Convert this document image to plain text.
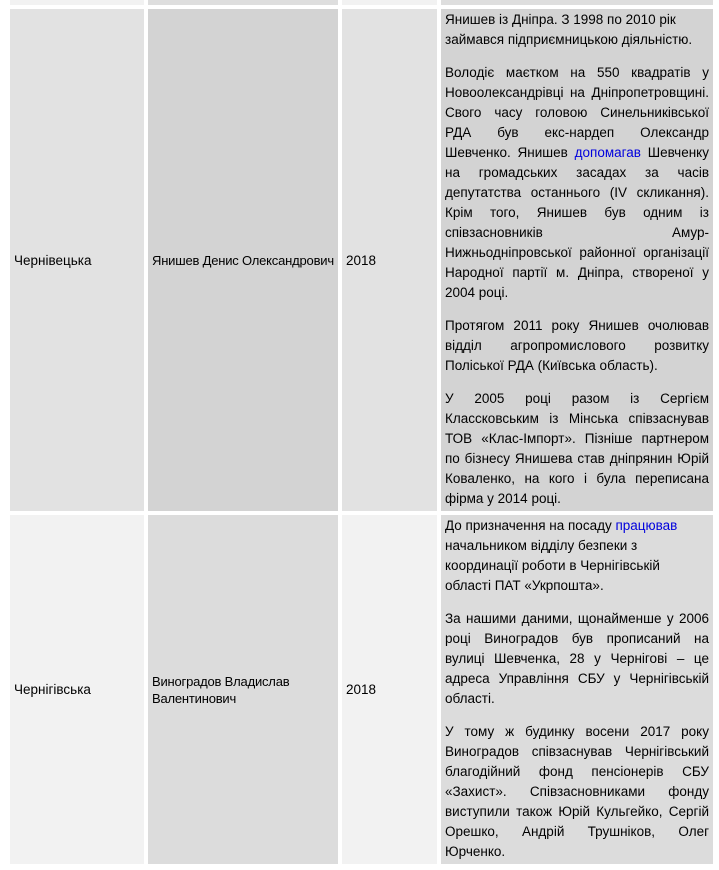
Чернівецька	Янишев Денис Олександрович 2018

Янишев із Дніпра. З 1998 по 2010 рік займався підприємницькою діяльністю.

Володіє маєтком на 550 квадратів у Новоолександрівці на Дніпропетровщині. Свого часу головою Синельниківської РДА був екс-нардеп Олександр Шевченко. Янишев допомагав Шевченку на громадських засадах за часів депутатства останнього (IV скликання). Крім того, Янишев був одним із співзасновників Амур-Нижньодніпровської районної організації Народної партії м. Дніпра, створеної у 2004 році.

Протягом 2011 року Янишев очолював відділ агропромислового розвитку Поліської РДА (Київська область).

У 2005 році разом із Сергієм Классковським із Мінська співзаснував ТОВ «Клас-Імпорт». Пізніше партнером по бізнесу Янишева став дніпрянин Юрій Коваленко, на кого і була переписана фірма у 2014 році.

Чернігівська
Виноградов Владислав
Валентинович
2018

До призначення на посаду працював начальником відділу безпеки з координації роботи в Чернігівській області ПАТ «Укрпошта».

За нашими даними, щонайменше у 2006 році Виноградов був прописаний на вулиці Шевченка, 28 у Чернігові – це адреса Управління СБУ у Чернігівській області.

У тому ж будинку восени 2017 року Виноградов співзаснував Чернігівський благодійний фонд пенсіонерів СБУ «Захист». Співзасновниками фонду виступили також Юрій Кульгейко, Сергій Орешко, Андрій Трушніков, Олег Юрченко.
